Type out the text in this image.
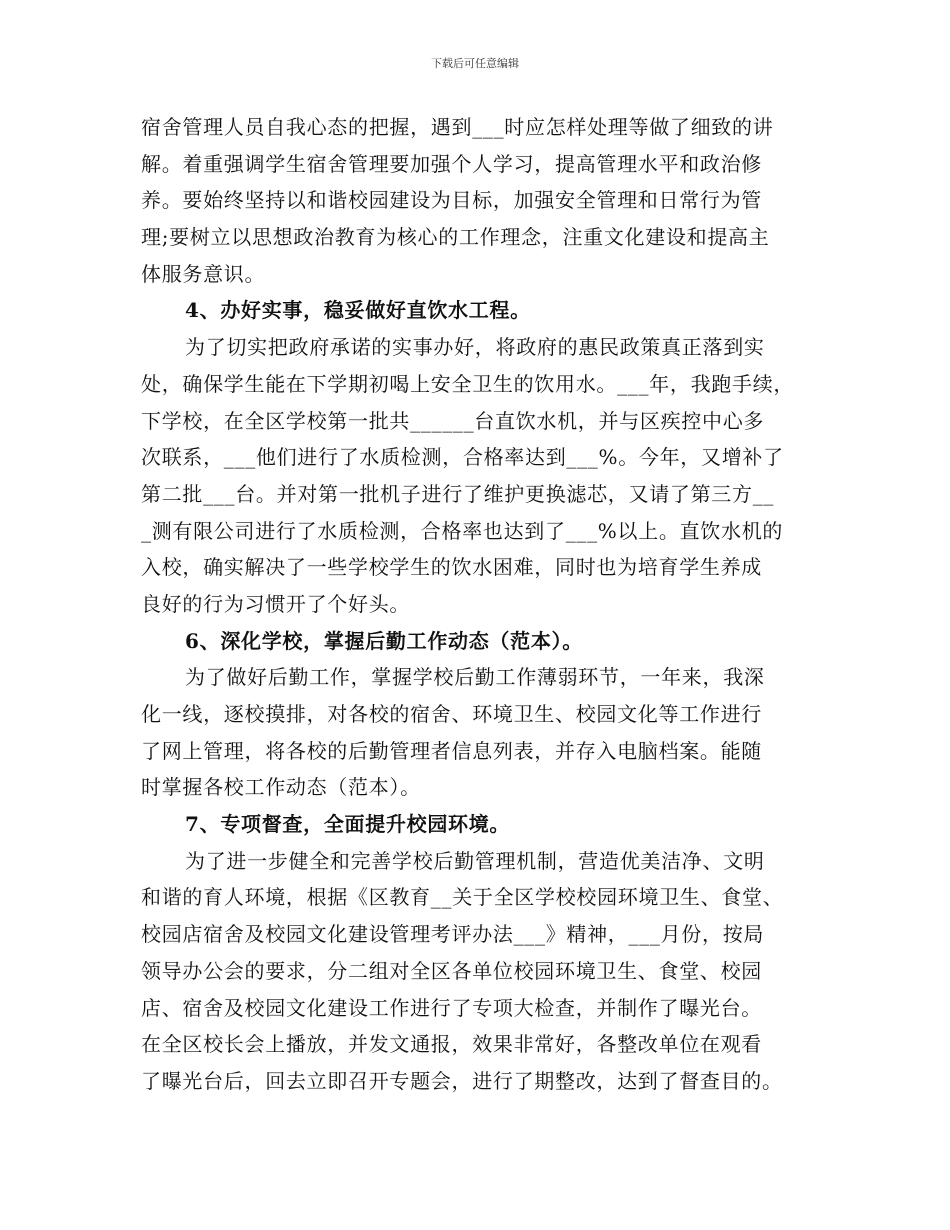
下载后可任意编辑
宿舍管理人员自我心态的把握，遇到___时应怎样处理等做了细致的讲
解。着重强调学生宿舍管理要加强个人学习，提高管理水平和政治修
养。要始终坚持以和谐校园建设为目标，加强安全管理和日常行为管
理;要树立以思想政治教育为核心的工作理念，注重文化建设和提高主
体服务意识。
4、办好实事，稳妥做好直饮水工程。
为了切实把政府承诺的实事办好，将政府的惠民政策真正落到实
处，确保学生能在下学期初喝上安全卫生的饮用水。___年，我跑手续，
下学校，在全区学校第一批共______台直饮水机，并与区疾控中心多
次联系，___他们进行了水质检测，合格率达到___%。今年，又增补了
第二批___台。并对第一批机子进行了维护更换滤芯，又请了第三方__
_测有限公司进行了水质检测，合格率也达到了___%以上。直饮水机的
入校，确实解决了一些学校学生的饮水困难，同时也为培育学生养成
良好的行为习惯开了个好头。
6、深化学校，掌握后勤工作动态（范本）。
为了做好后勤工作，掌握学校后勤工作薄弱环节，一年来，我深
化一线，逐校摸排，对各校的宿舍、环境卫生、校园文化等工作进行
了网上管理，将各校的后勤管理者信息列表，并存入电脑档案。能随
时掌握各校工作动态（范本）。
7、专项督查，全面提升校园环境。
为了进一步健全和完善学校后勤管理机制，营造优美洁净、文明
和谐的育人环境，根据《区教育__关于全区学校校园环境卫生、食堂、
校园店宿舍及校园文化建设管理考评办法___》精神，___月份，按局
领导办公会的要求，分二组对全区各单位校园环境卫生、食堂、校园
店、宿舍及校园文化建设工作进行了专项大检查，并制作了曝光台。
在全区校长会上播放，并发文通报，效果非常好，各整改单位在观看
了曝光台后，回去立即召开专题会，进行了期整改，达到了督查目的。
